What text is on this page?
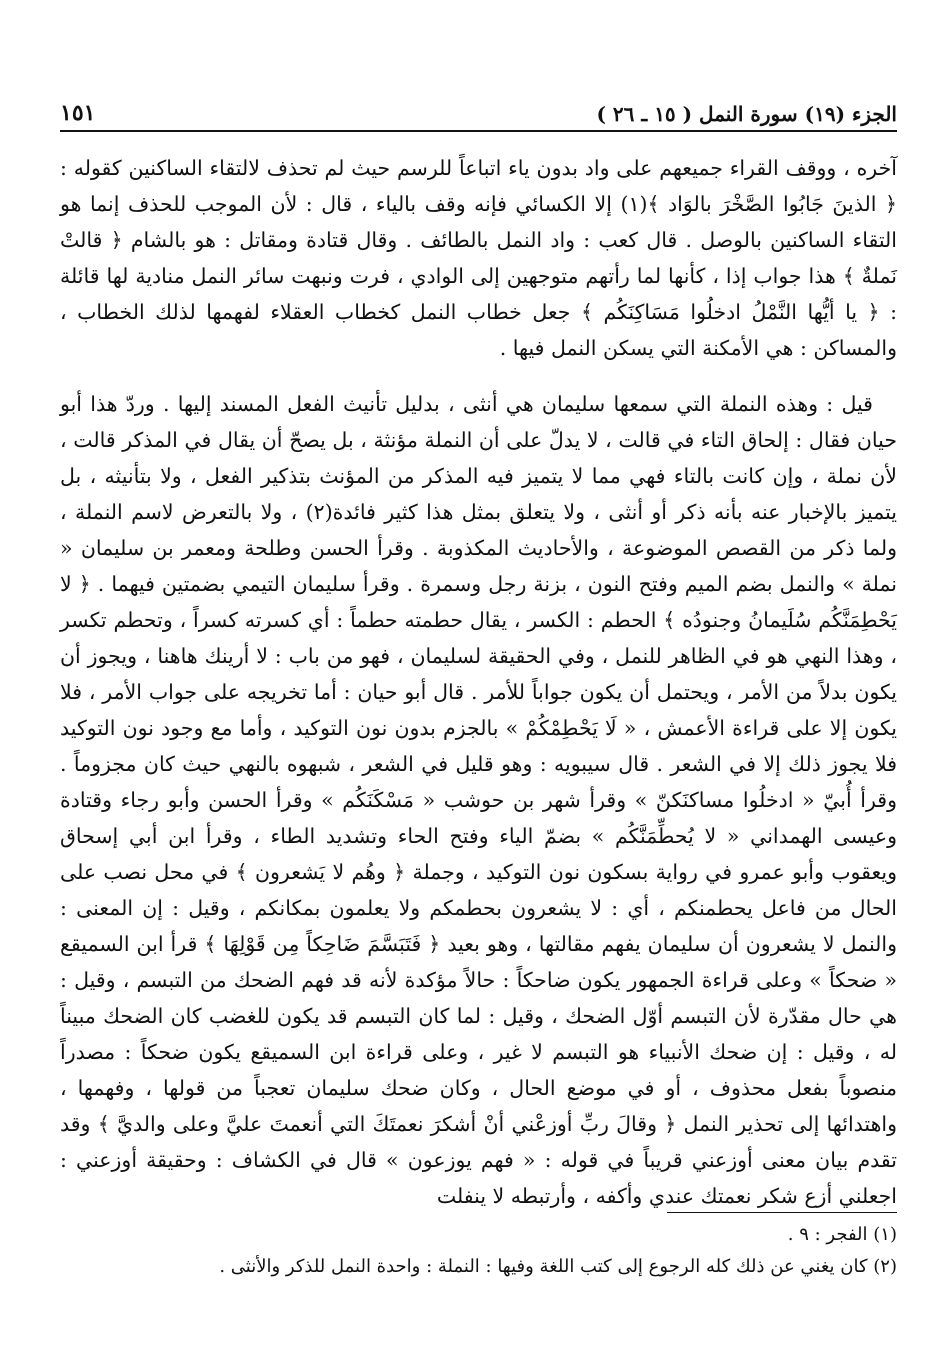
الجزء (١٩) سورة النمل ( ١٥ ـ ٢٦ )
١٥١

آخره ، ووقف القراء جميعهم على واد بدون ياء اتباعاً للرسم حيث لم تحذف لالتقاء الساكنين كقوله : ﴿ الذينَ جَابُوا الصَّخْرَ بالوَاد ﴾(١) إلا الكسائي فإنه وقف بالياء ، قال : لأن الموجب للحذف إنما هو التقاء الساكنين بالوصل . قال كعب : واد النمل بالطائف . وقال قتادة ومقاتل : هو بالشام ﴿ قالتْ نَملةٌ ﴾ هذا جواب إذا ، كأنها لما رأتهم متوجهين إلى الوادي ، فرت ونبهت سائر النمل منادية لها قائلة : ﴿ يا أيُّها النَّمْلُ ادخلُوا مَسَاكِنَكُم ﴾ جعل خطاب النمل كخطاب العقلاء لفهمها لذلك الخطاب ، والمساكن : هي الأمكنة التي يسكن النمل فيها .

قيل : وهذه النملة التي سمعها سليمان هي أنثى ، بدليل تأنيث الفعل المسند إليها . وردّ هذا أبو حيان فقال : إلحاق التاء في قالت ، لا يدلّ على أن النملة مؤنثة ، بل يصحّ أن يقال في المذكر قالت ، لأن نملة ، وإن كانت بالتاء فهي مما لا يتميز فيه المذكر من المؤنث بتذكير الفعل ، ولا بتأنيثه ، بل يتميز بالإخبار عنه بأنه ذكر أو أنثى ، ولا يتعلق بمثل هذا كثير فائدة(٢) ، ولا بالتعرض لاسم النملة ، ولما ذكر من القصص الموضوعة ، والأحاديث المكذوبة . وقرأ الحسن وطلحة ومعمر بن سليمان « نملة » والنمل بضم الميم وفتح النون ، بزنة رجل وسمرة . وقرأ سليمان التيمي بضمتين فيهما . ﴿ لا يَحْطِمَنَّكُم سُلَيمانُ وجنودُه ﴾ الحطم : الكسر ، يقال حطمته حطماً : أي كسرته كسراً ، وتحطم تكسر ، وهذا النهي هو في الظاهر للنمل ، وفي الحقيقة لسليمان ، فهو من باب : لا أرينك هاهنا ، ويجوز أن يكون بدلاً من الأمر ، ويحتمل أن يكون جواباً للأمر . قال أبو حيان : أما تخريجه على جواب الأمر ، فلا يكون إلا على قراءة الأعمش ، « لَا يَحْطِمْكُمْ » بالجزم بدون نون التوكيد ، وأما مع وجود نون التوكيد فلا يجوز ذلك إلا في الشعر . قال سيبويه : وهو قليل في الشعر ، شبهوه بالنهي حيث كان مجزوماً . وقرأ أُبيّ « ادخلُوا مساكنَكنّ » وقرأ شهر بن حوشب « مَسْكَنَكُم » وقرأ الحسن وأبو رجاء وقتادة وعيسى الهمداني « لا يُحطِّمَنَّكُم » بضمّ الياء وفتح الحاء وتشديد الطاء ، وقرأ ابن أبي إسحاق ويعقوب وأبو عمرو في رواية بسكون نون التوكيد ، وجملة ﴿ وهُم لا يَشعرون ﴾ في محل نصب على الحال من فاعل يحطمنكم ، أي : لا يشعرون بحطمكم ولا يعلمون بمكانكم ، وقيل : إن المعنى : والنمل لا يشعرون أن سليمان يفهم مقالتها ، وهو بعيد ﴿ فَتَبَسَّمَ ضَاحِكاً مِن قَوْلِهَا ﴾ قرأ ابن السميقع « ضحكاً » وعلى قراءة الجمهور يكون ضاحكاً : حالاً مؤكدة لأنه قد فهم الضحك من التبسم ، وقيل : هي حال مقدّرة لأن التبسم أوّل الضحك ، وقيل : لما كان التبسم قد يكون للغضب كان الضحك مبيناً له ، وقيل : إن ضحك الأنبياء هو التبسم لا غير ، وعلى قراءة ابن السميقع يكون ضحكاً : مصدراً منصوباً بفعل محذوف ، أو في موضع الحال ، وكان ضحك سليمان تعجباً من قولها ، وفهمها ، واهتدائها إلى تحذير النمل ﴿ وقالَ ربِّ أوزعْني أنْ أشكرَ نعمتَكَ التي أنعمتَ عليَّ وعلى والديَّ ﴾ وقد تقدم بيان معنى أوزعني قريباً في قوله : « فهم يوزعون » قال في الكشاف : وحقيقة أوزعني : اجعلني أزع شكر نعمتك عندي وأكفه ، وأرتبطه لا ينفلت

(١) الفجر : ٩ .

(٢) كان يغني عن ذلك كله الرجوع إلى كتب اللغة وفيها : النملة : واحدة النمل للذكر والأنثى .
